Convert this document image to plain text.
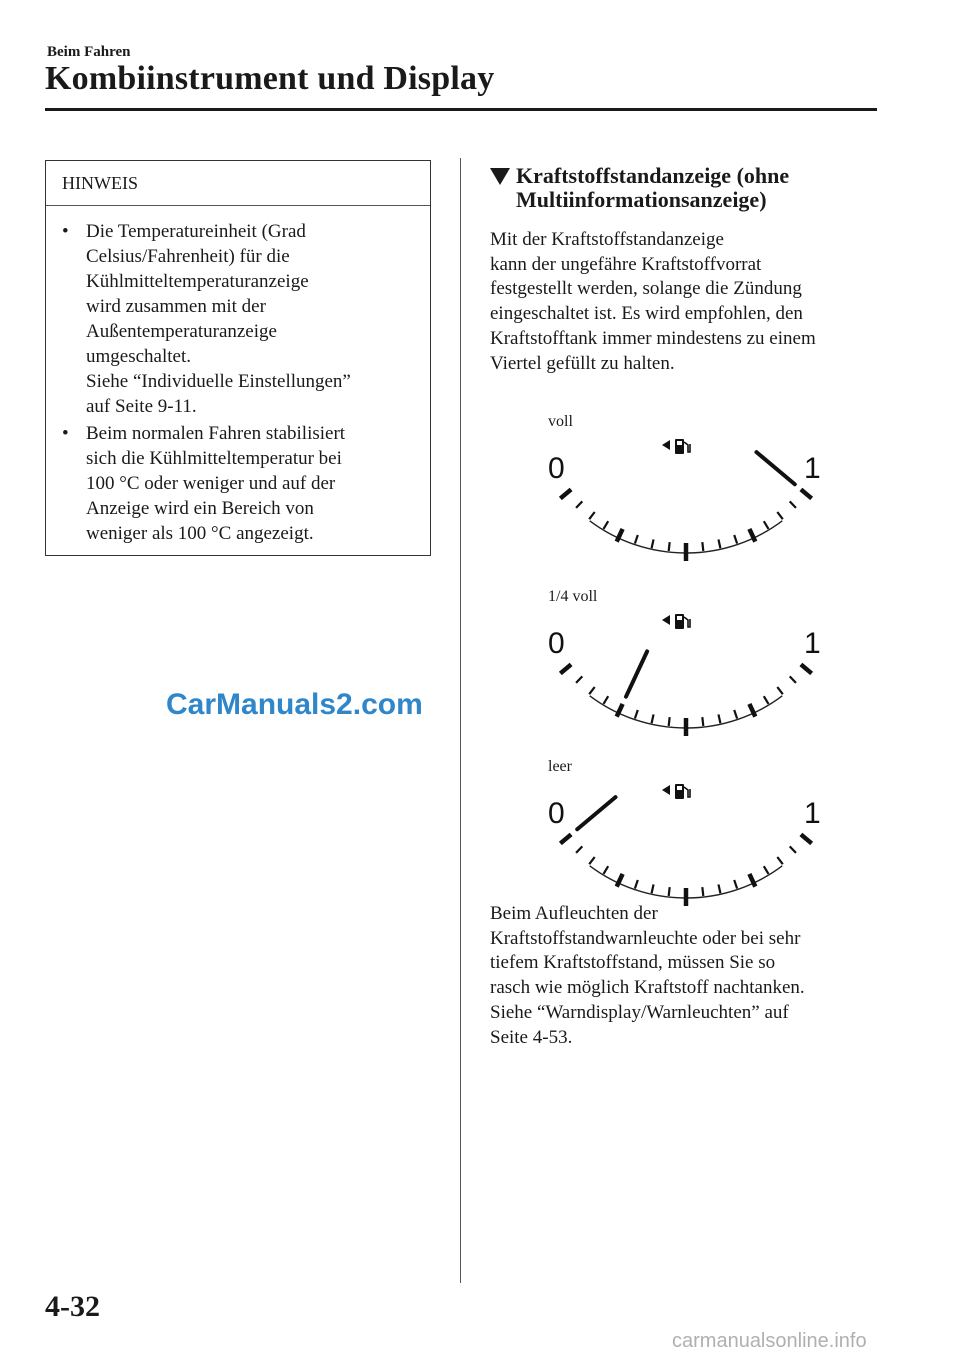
Beim Fahren
Kombiinstrument und Display
HINWEIS

• Die Temperatureinheit (Grad
Celsius/Fahrenheit) für die
Kühlmitteltemperaturanzeige
wird zusammen mit der
Außentemperaturanzeige
umgeschaltet.
Siehe “Individuelle Einstellungen”
auf Seite 9-11.

• Beim normalen Fahren stabilisiert
sich die Kühlmitteltemperatur bei
100 °C oder weniger und auf der
Anzeige wird ein Bereich von
weniger als 100 °C angezeigt.

CarManuals2.com
Kraftstoffstandanzeige (ohne
Multiinformationsanzeige)
Mit der Kraftstoffstandanzeige
kann der ungefähre Kraftstoffvorrat
festgestellt werden, solange die Zündung
eingeschaltet ist. Es wird empfohlen, den
Kraftstofftank immer mindestens zu einem
Viertel gefüllt zu halten.
voll
0	1
1/4 voll
0	1
leer
0	1
Beim Aufleuchten der
Kraftstoffstandwarnleuchte oder bei sehr
tiefem Kraftstoffstand, müssen Sie so
rasch wie möglich Kraftstoff nachtanken.
Siehe “Warndisplay/Warnleuchten” auf
Seite 4-53.
4-32
carmanualsonline.info
